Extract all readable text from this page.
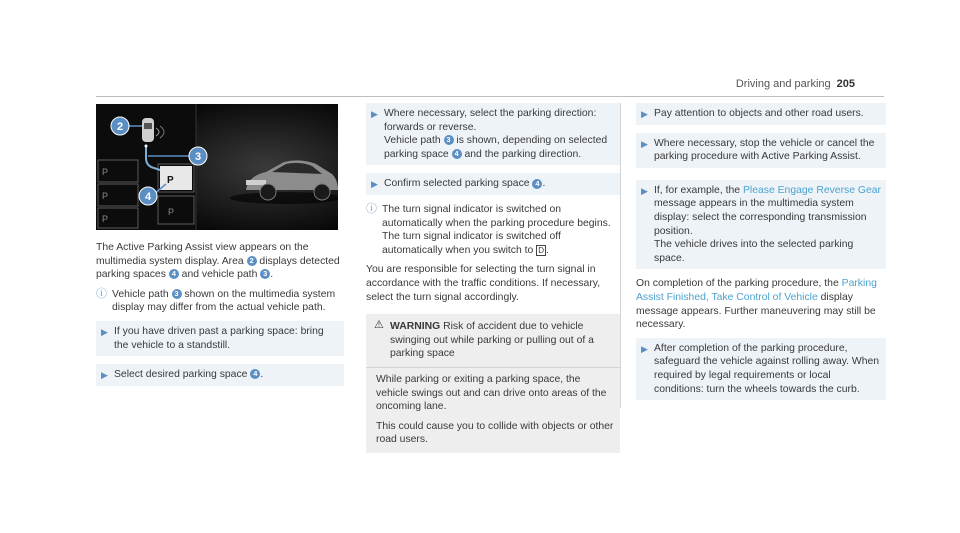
Driving and parking 205
P
P
P
P
P
2
3
4

The Active Parking Assist view appears on the multimedia system display. Area 2 displays detected parking spaces 4 and vehicle path 3 .

ⓘ Vehicle path 3 shown on the multimedia system display may differ from the actual vehicle path.
▶ If you have driven past a parking space: bring the vehicle to a standstill.
▶ Select desired parking space 4 .
▶ Where necessary, select the parking direction: forwards or reverse.
Vehicle path 3 is shown, depending on selected parking space 4 and the parking direction.
▶ Confirm selected parking space 4 .
ⓘ The turn signal indicator is switched on automatically when the parking procedure begins. The turn signal indicator is switched off automatically when you switch to D .

You are responsible for selecting the turn signal in accordance with the traffic conditions. If necessary, select the turn signal accordingly.

⚠ WARNING Risk of accident due to vehicle swinging out while parking or pulling out of a parking space

While parking or exiting a parking space, the vehicle swings out and can drive onto areas of the oncoming lane.

This could cause you to collide with objects or other road users.

▶ Pay attention to objects and other road users.
▶ Where necessary, stop the vehicle or cancel the parking procedure with Active Parking Assist.
▶ If, for example, the Please Engage Reverse Gear message appears in the multimedia system display: select the corresponding transmission position.
The vehicle drives into the selected parking space.

On completion of the parking procedure, the Parking Assist Finished, Take Control of Vehicle display message appears. Further maneuvering may still be necessary.

▶ After completion of the parking procedure, safeguard the vehicle against rolling away. When required by legal requirements or local conditions: turn the wheels towards the curb.
